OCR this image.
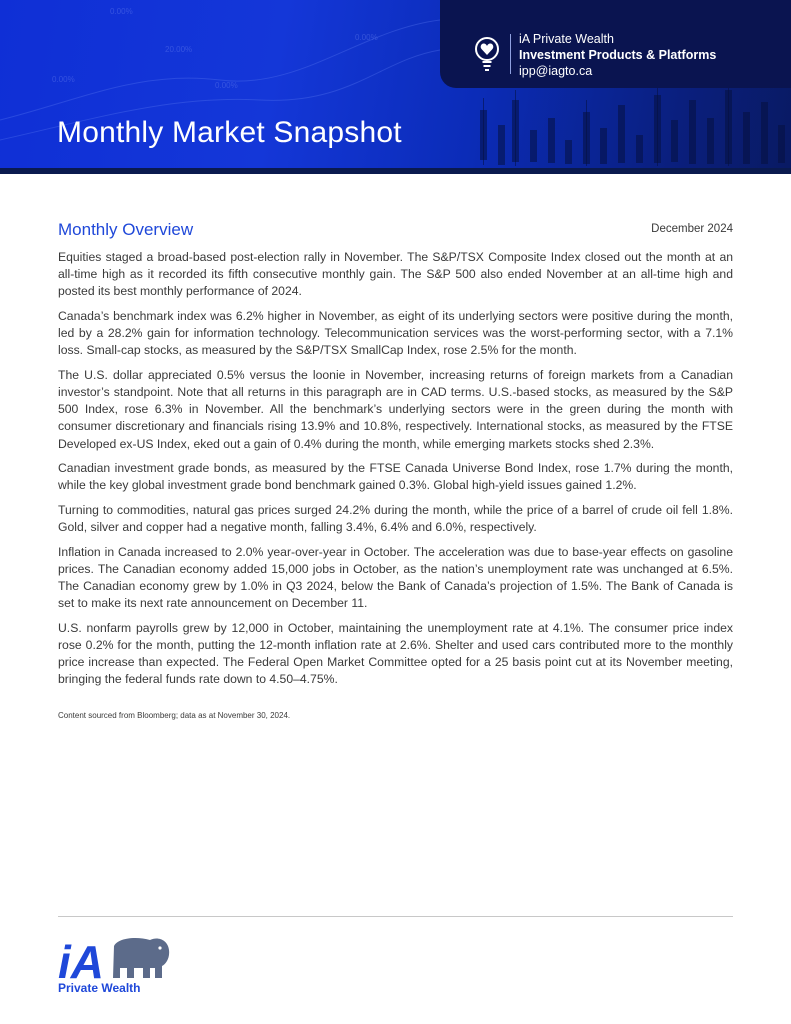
0.00%
20.00%
0.00%
0.00%
0.00%
iA Private Wealth
Investment Products & Platforms
ipp@iagto.ca
Monthly Market Snapshot
Monthly Overview	December 2024

Equities staged a broad-based post-election rally in November. The S&P/TSX Composite Index closed out the month at an all-time high as it recorded its fifth consecutive monthly gain. The S&P 500 also ended November at an all-time high and posted its best monthly performance of 2024.

Canada’s benchmark index was 6.2% higher in November, as eight of its underlying sectors were positive during the month, led by a 28.2% gain for information technology. Telecommunication services was the worst-performing sector, with a 7.1% loss. Small-cap stocks, as measured by the S&P/TSX SmallCap Index, rose 2.5% for the month.

The U.S. dollar appreciated 0.5% versus the loonie in November, increasing returns of foreign markets from a Canadian investor’s standpoint. Note that all returns in this paragraph are in CAD terms. U.S.-based stocks, as measured by the S&P 500 Index, rose 6.3% in November. All the benchmark’s underlying sectors were in the green during the month with consumer discretionary and financials rising 13.9% and 10.8%, respectively. International stocks, as measured by the FTSE Developed ex-US Index, eked out a gain of 0.4% during the month, while emerging markets stocks shed 2.3%.

Canadian investment grade bonds, as measured by the FTSE Canada Universe Bond Index, rose 1.7% during the month, while the key global investment grade bond benchmark gained 0.3%. Global high-yield issues gained 1.2%.

Turning to commodities, natural gas prices surged 24.2% during the month, while the price of a barrel of crude oil fell 1.8%. Gold, silver and copper had a negative month, falling 3.4%, 6.4% and 6.0%, respectively.

Inflation in Canada increased to 2.0% year-over-year in October. The acceleration was due to base-year effects on gasoline prices. The Canadian economy added 15,000 jobs in October, as the nation’s unemployment rate was unchanged at 6.5%. The Canadian economy grew by 1.0% in Q3 2024, below the Bank of Canada’s projection of 1.5%. The Bank of Canada is set to make its next rate announcement on December 11.

U.S. nonfarm payrolls grew by 12,000 in October, maintaining the unemployment rate at 4.1%. The consumer price index rose 0.2% for the month, putting the 12-month inflation rate at 2.6%. Shelter and used cars contributed more to the monthly price increase than expected. The Federal Open Market Committee opted for a 25 basis point cut at its November meeting, bringing the federal funds rate down to 4.50–4.75%.

Content sourced from Bloomberg; data as at November 30, 2024.
iA
Private Wealth
